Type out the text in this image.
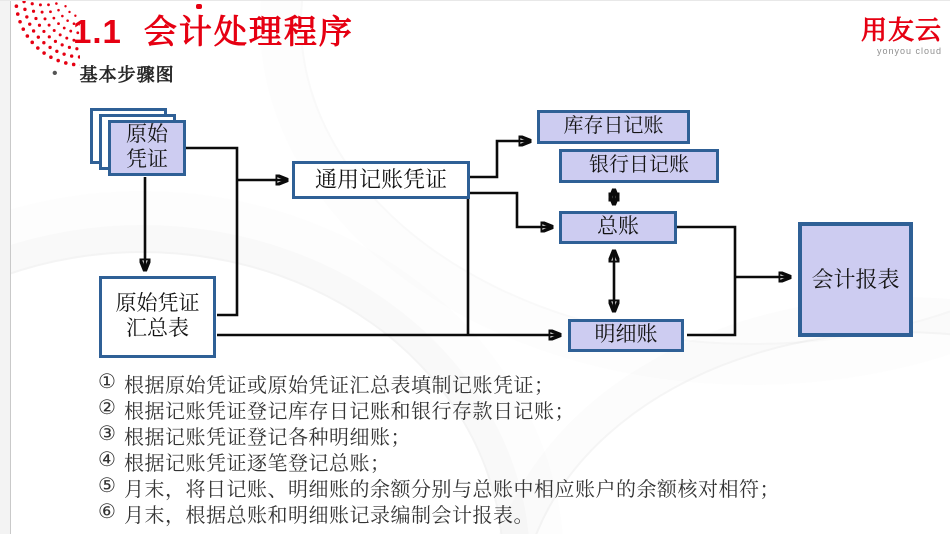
1.1 会计处理程序	用友云
yonyou cloud
• 基本步骤图
原始
凭证
原始凭证
汇总表
通用记账凭证
库存日记账
银行日记账
总账
明细账
会计报表
① 根据原始凭证或原始凭证汇总表填制记账凭证；
② 根据记账凭证登记库存日记账和银行存款日记账；
③ 根据记账凭证登记各种明细账；
④ 根据记账凭证逐笔登记总账；
⑤ 月末，将日记账、明细账的余额分别与总账中相应账户的余额核对相符；
⑥ 月末，根据总账和明细账记录编制会计报表。
